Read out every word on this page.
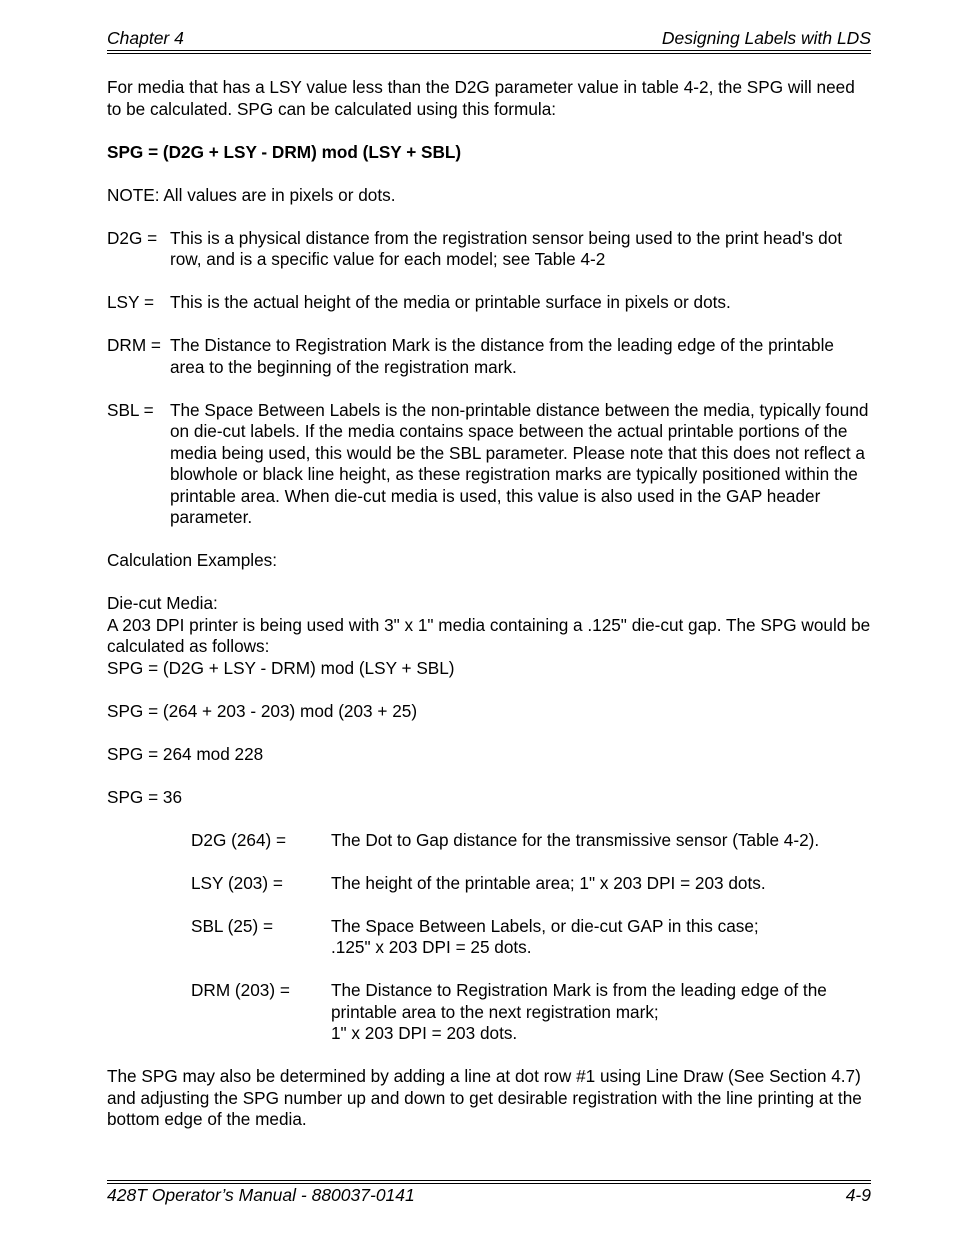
Chapter 4	Designing Labels with LDS

For media that has a LSY value less than the D2G parameter value in table 4-2, the SPG will need to be calculated. SPG can be calculated using this formula:

SPG = (D2G + LSY - DRM) mod (LSY + SBL)

NOTE: All values are in pixels or dots.

D2G = This is a physical distance from the registration sensor being used to the print head's dot row, and is a specific value for each model; see Table 4-2
LSY = This is the actual height of the media or printable surface in pixels or dots.
DRM = The Distance to Registration Mark is the distance from the leading edge of the printable area to the beginning of the registration mark.
SBL = The Space Between Labels is the non-printable distance between the media, typically found on die-cut labels. If the media contains space between the actual printable portions of the media being used, this would be the SBL parameter. Please note that this does not reflect a blowhole or black line height, as these registration marks are typically positioned within the printable area. When die-cut media is used, this value is also used in the GAP header parameter.

Calculation Examples:

Die-cut Media:

A 203 DPI printer is being used with 3" x 1" media containing a .125" die-cut gap. The SPG would be calculated as follows:

SPG = (D2G + LSY - DRM) mod (LSY + SBL)

SPG = (264 + 203 - 203) mod (203 + 25)

SPG = 264 mod 228

SPG = 36

D2G (264) =	The Dot to Gap distance for the transmissive sensor (Table 4-2).
LSY (203) =	The height of the printable area; 1" x 203 DPI = 203 dots.
SBL (25) =	The Space Between Labels, or die-cut GAP in this case;
.125" x 203 DPI = 25 dots.
DRM (203) =	The Distance to Registration Mark is from the leading edge of the printable area to the next registration mark;
1" x 203 DPI = 203 dots.

The SPG may also be determined by adding a line at dot row #1 using Line Draw (See Section 4.7) and adjusting the SPG number up and down to get desirable registration with the line printing at the bottom edge of the media.

428T Operator’s Manual - 880037-0141	4-9
